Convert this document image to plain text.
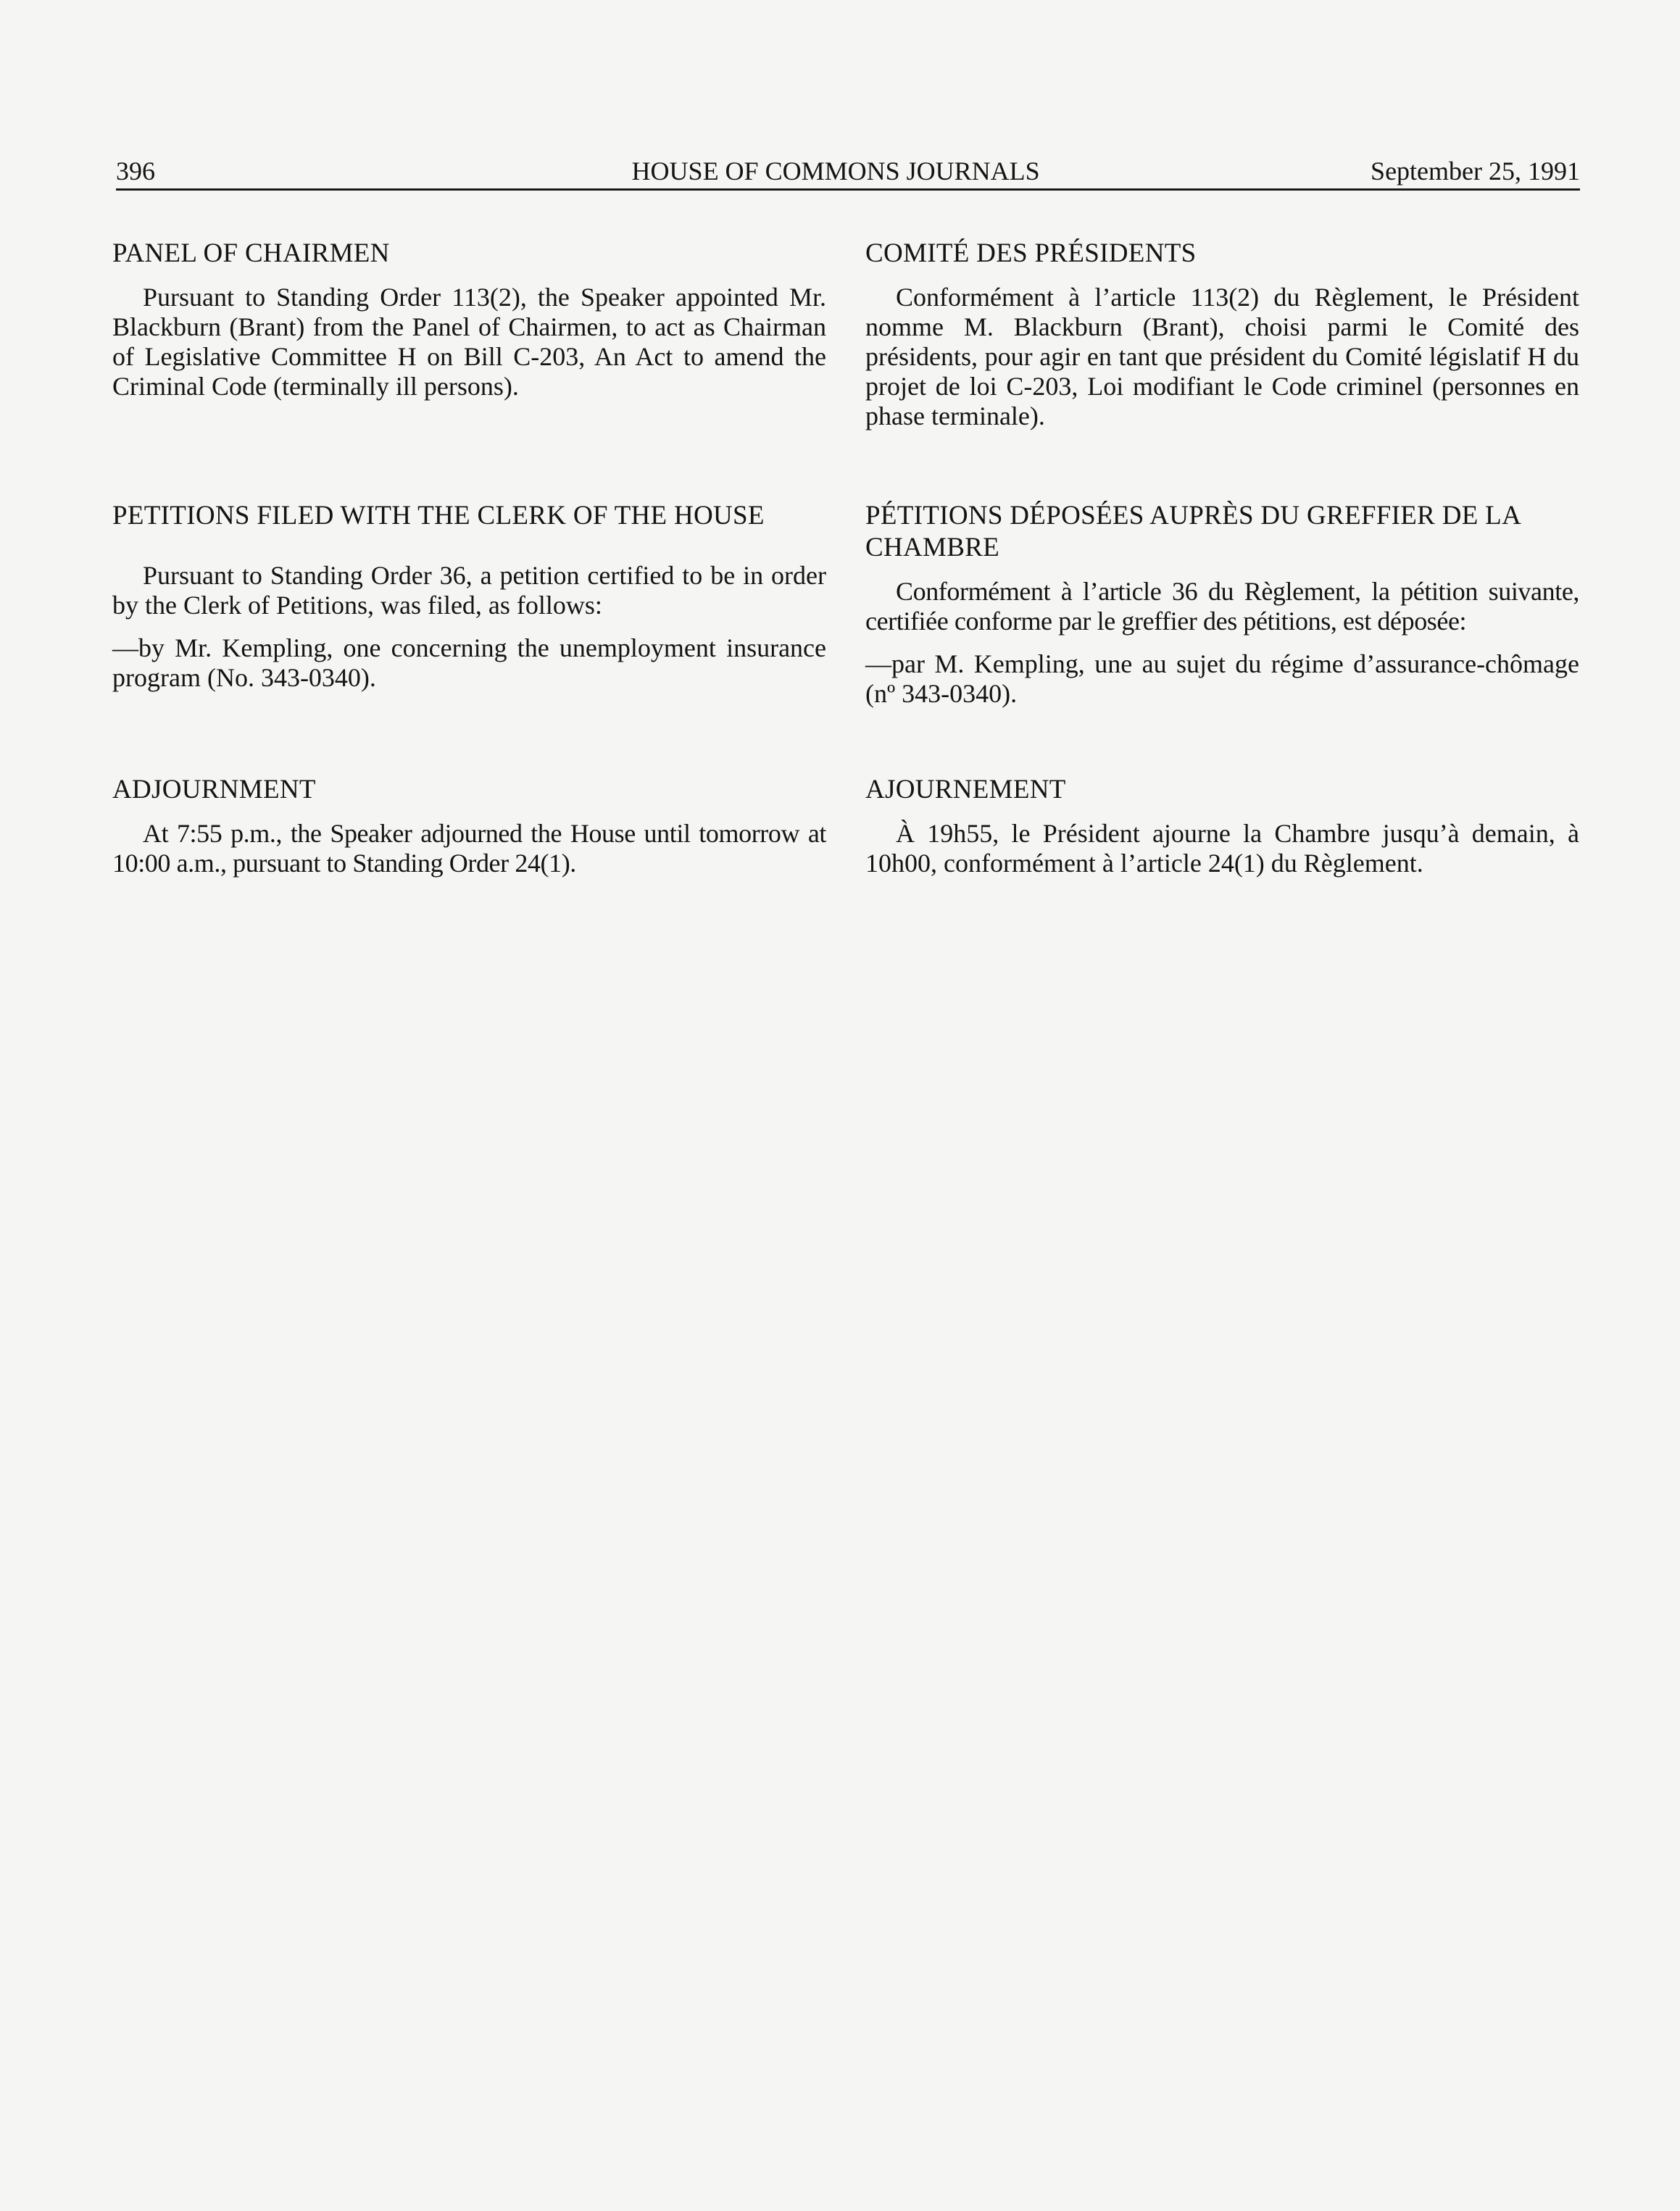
396	HOUSE OF COMMONS JOURNALS	September 25, 1991
PANEL OF CHAIRMEN

Pursuant to Standing Order 113(2), the Speaker appointed Mr. Blackburn (Brant) from the Panel of Chairmen, to act as Chairman of Legislative Committee H on Bill C-203, An Act to amend the Criminal Code (terminally ill persons).

PETITIONS FILED WITH THE CLERK OF THE HOUSE

Pursuant to Standing Order 36, a petition certified to be in order by the Clerk of Petitions, was filed, as follows:

—by Mr. Kempling, one concerning the unemployment insurance program (No. 343-0340).

ADJOURNMENT

At 7:55 p.m., the Speaker adjourned the House until tomorrow at 10:00 a.m., pursuant to Standing Order 24(1).

COMITÉ DES PRÉSIDENTS

Conformément à l’article 113(2) du Règlement, le Président nomme M. Blackburn (Brant), choisi parmi le Comité des présidents, pour agir en tant que président du Comité législatif H du projet de loi C-203, Loi modifiant le Code criminel (personnes en phase terminale).

PÉTITIONS DÉPOSÉES AUPRÈS DU GREFFIER DE LA CHAMBRE

Conformément à l’article 36 du Règlement, la pétition suivante, certifiée conforme par le greffier des pétitions, est déposée:

—par M. Kempling, une au sujet du régime d’assurance-chômage (nº 343-0340).

AJOURNEMENT

À 19h55, le Président ajourne la Chambre jusqu’à demain, à 10h00, conformément à l’article 24(1) du Règlement.
